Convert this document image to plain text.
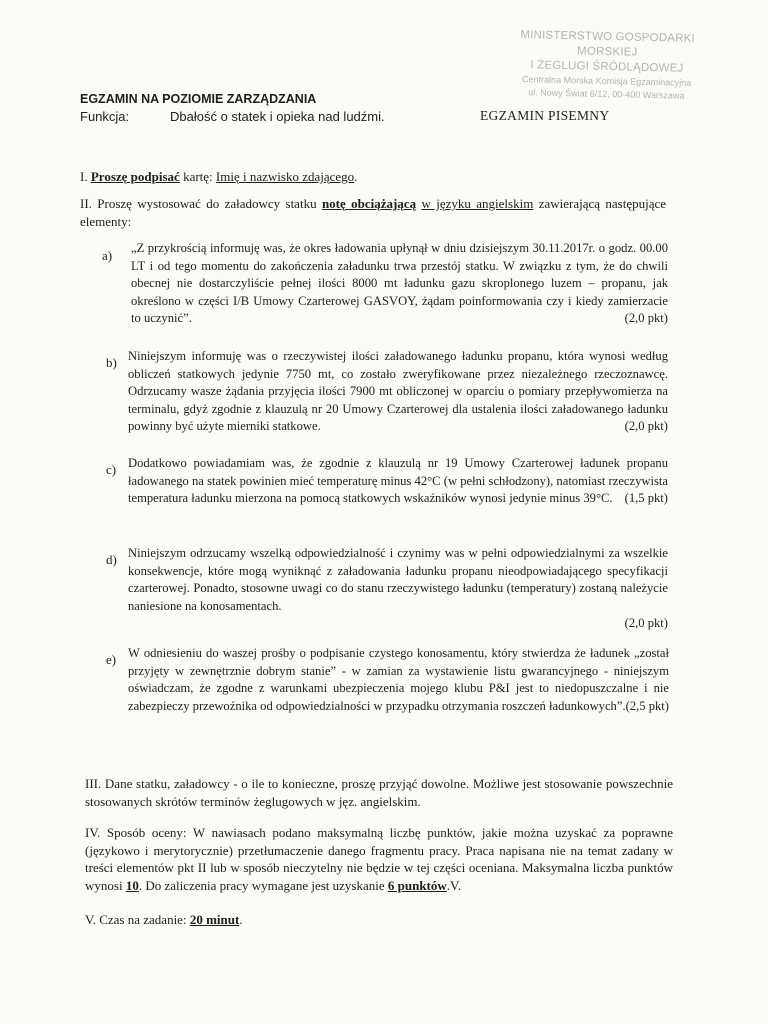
MINISTERSTWO GOSPODARKI MORSKIEJ
I ŻEGLUGI ŚRÓDLĄDOWEJ
Centralna Morska Komisja Egzaminacyjna
ul. Nowy Świat 6/12, 00-400 Warszawa
EGZAMIN NA POZIOMIE ZARZĄDZANIA
Funkcja:	Dbałość o statek i opieka nad ludźmi.	EGZAMIN PISEMNY
I. Proszę podpisać kartę: Imię i nazwisko zdającego.
II. Proszę wystosować do załadowcy statku notę obciążającą w języku angielskim zawierającą następujące elementy:
a) „Z przykrością informuję was, że okres ładowania upłynął w dniu dzisiejszym 30.11.2017r. o godz. 00.00 LT i od tego momentu do zakończenia załadunku trwa przestój statku. W związku z tym, że do chwili obecnej nie dostarczyliście pełnej ilości 8000 mt ładunku gazu skroplonego luzem – propanu, jak określono w części I/B Umowy Czarterowej GASVOY, żądam poinformowania czy i kiedy zamierzacie to uczynić”.	(2,0 pkt)
b) Niniejszym informuję was o rzeczywistej ilości załadowanego ładunku propanu, która wynosi według obliczeń statkowych jedynie 7750 mt, co zostało zweryfikowane przez niezależnego rzeczoznawcę. Odrzucamy wasze żądania przyjęcia ilości 7900 mt obliczonej w oparciu o pomiary przepływomierza na terminalu, gdyż zgodnie z klauzulą nr 20 Umowy Czarterowej dla ustalenia ilości załadowanego ładunku powinny być użyte mierniki statkowe.	(2,0 pkt)
c) Dodatkowo powiadamiam was, że zgodnie z klauzulą nr 19 Umowy Czarterowej ładunek propanu ładowanego na statek powinien mieć temperaturę minus 42°C (w pełni schłodzony), natomiast rzeczywista temperatura ładunku mierzona na pomocą statkowych wskaźników wynosi jedynie minus 39°C. (1,5 pkt)
d) Niniejszym odrzucamy wszelką odpowiedzialność i czynimy was w pełni odpowiedzialnymi za wszelkie konsekwencje, które mogą wyniknąć z załadowania ładunku propanu nieodpowiadającego specyfikacji czarterowej. Ponadto, stosowne uwagi co do stanu rzeczywistego ładunku (temperatury) zostaną należycie naniesione na konosamentach.
(2,0 pkt)
e) W odniesieniu do waszej prośby o podpisanie czystego konosamentu, który stwierdza że ładunek „został przyjęty w zewnętrznie dobrym stanie” - w zamian za wystawienie listu gwarancyjnego - niniejszym oświadczam, że zgodne z warunkami ubezpieczenia mojego klubu P&I jest to niedopuszczalne i nie zabezpieczy przewoźnika od odpowiedzialności w przypadku otrzymania roszczeń ładunkowych”. (2,5 pkt)
III. Dane statku, załadowcy - o ile to konieczne, proszę przyjąć dowolne. Możliwe jest stosowanie powszechnie stosowanych skrótów terminów żeglugowych w jęz. angielskim.
IV. Sposób oceny: W nawiasach podano maksymalną liczbę punktów, jakie można uzyskać za poprawne (językowo i merytorycznie) przetłumaczenie danego fragmentu pracy. Praca napisana nie na temat zadany w treści elementów pkt II lub w sposób nieczytelny nie będzie w tej części oceniana. Maksymalna liczba punktów wynosi 10. Do zaliczenia pracy wymagane jest uzyskanie 6 punktów.V.
V. Czas na zadanie: 20 minut.
